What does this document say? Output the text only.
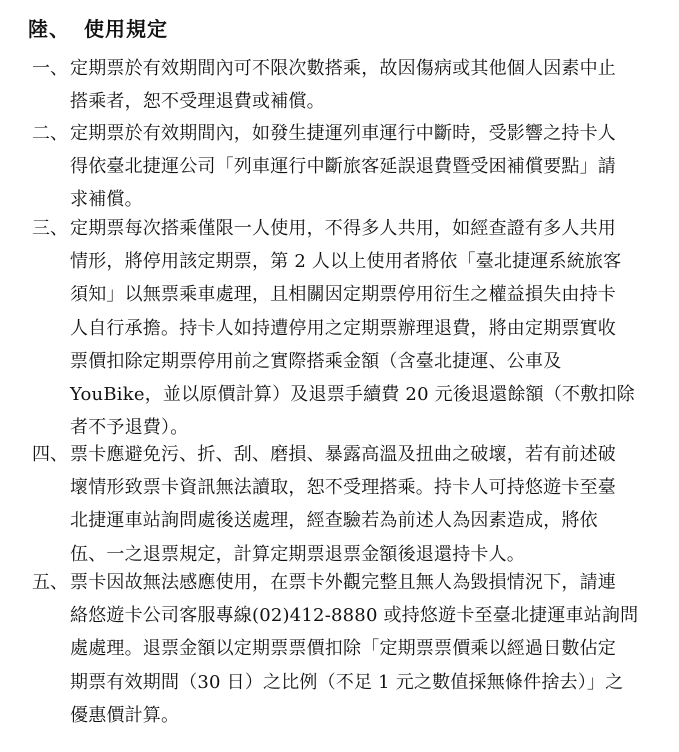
陸、 使用規定
一、 定期票於有效期間內可不限次數搭乘，故因傷病或其他個人因素中止
搭乘者，恕不受理退費或補償。
二、 定期票於有效期間內，如發生捷運列車運行中斷時，受影響之持卡人
得依臺北捷運公司「列車運行中斷旅客延誤退費暨受困補償要點」請
求補償。
三、 定期票每次搭乘僅限一人使用，不得多人共用，如經查證有多人共用
情形，將停用該定期票，第 2 人以上使用者將依「臺北捷運系統旅客
須知」以無票乘車處理，且相關因定期票停用衍生之權益損失由持卡
人自行承擔。持卡人如持遭停用之定期票辦理退費，將由定期票實收
票價扣除定期票停用前之實際搭乘金額（含臺北捷運、公車及
YouBike，並以原價計算）及退票手續費 20 元後退還餘額（不敷扣除
者不予退費）。
四、 票卡應避免污、折、刮、磨損、暴露高溫及扭曲之破壞，若有前述破
壞情形致票卡資訊無法讀取，恕不受理搭乘。持卡人可持悠遊卡至臺
北捷運車站詢問處後送處理，經查驗若為前述人為因素造成，將依
伍、一之退票規定，計算定期票退票金額後退還持卡人。
五、 票卡因故無法感應使用，在票卡外觀完整且無人為毀損情況下，請連
絡悠遊卡公司客服專線(02)412-8880 或持悠遊卡至臺北捷運車站詢問
處處理。退票金額以定期票票價扣除「定期票票價乘以經過日數佔定
期票有效期間（30 日）之比例（不足 1 元之數值採無條件捨去）」之
優惠價計算。
